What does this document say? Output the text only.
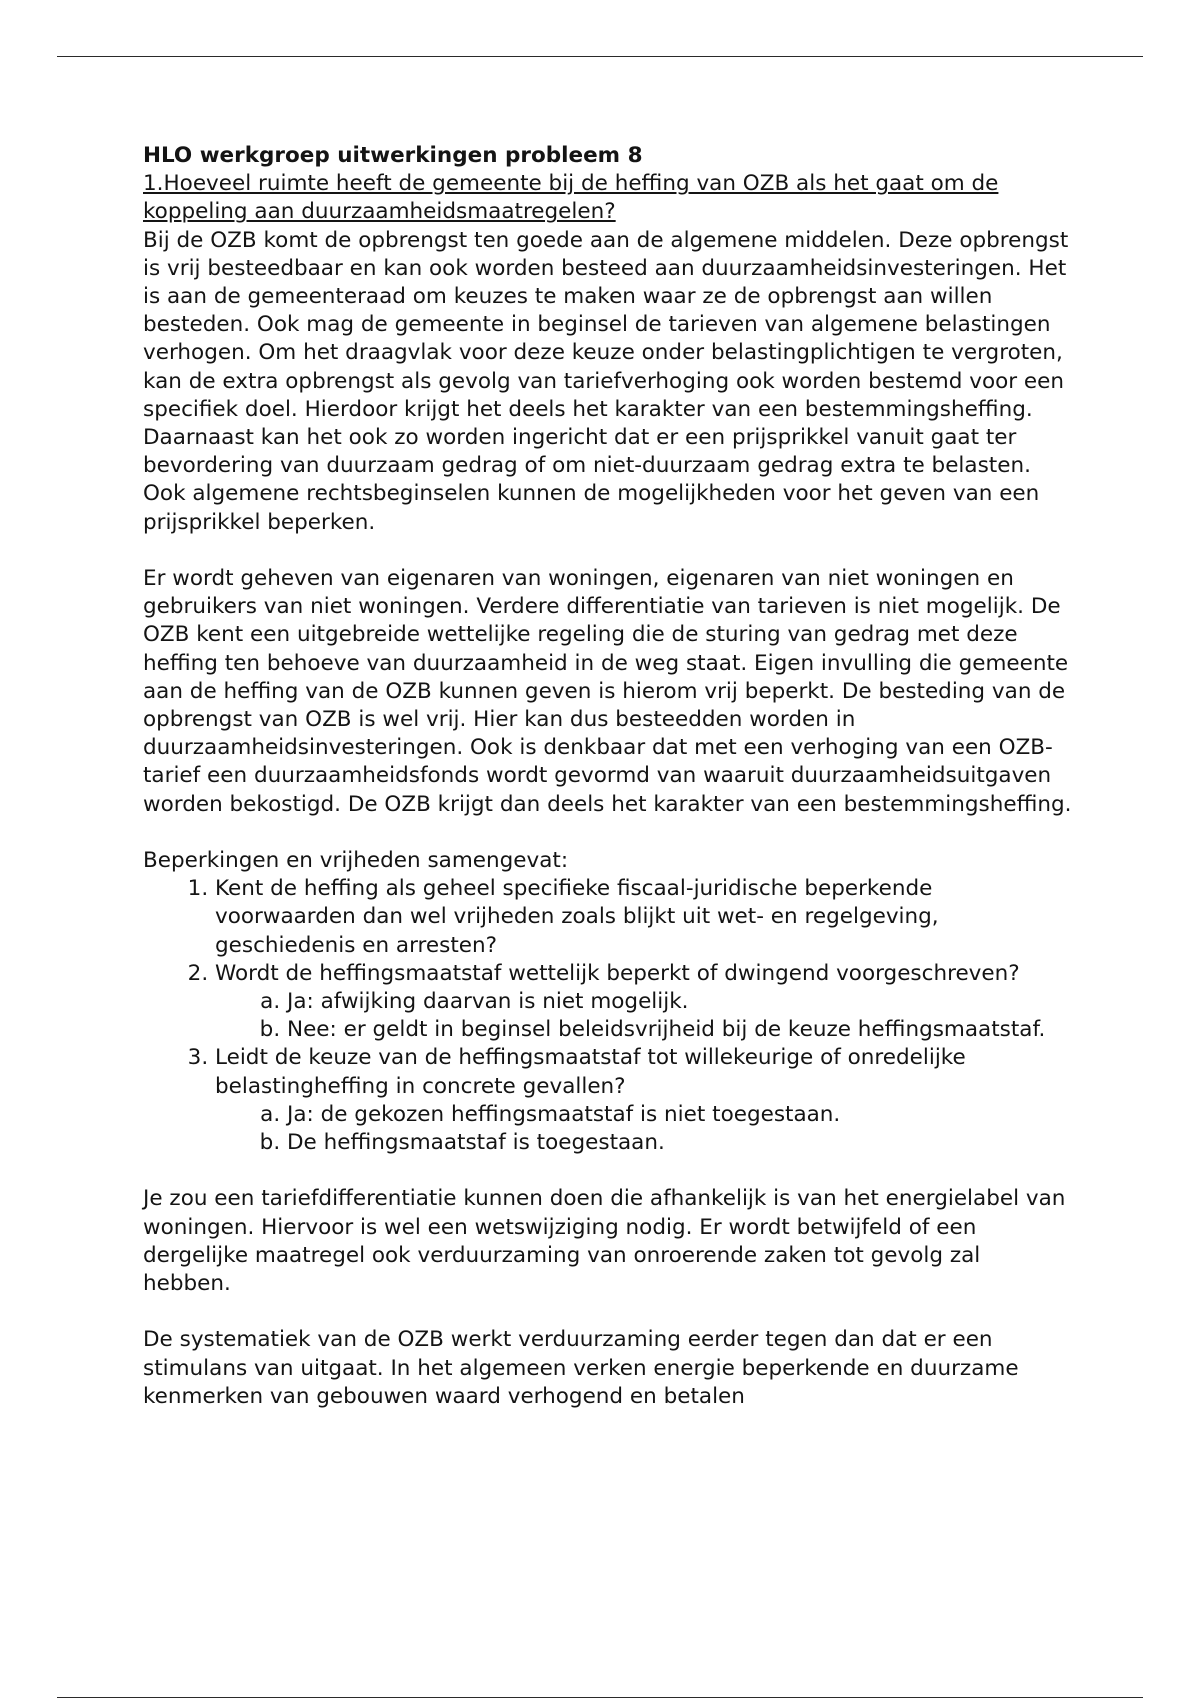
HLO werkgroep uitwerkingen probleem 8

1.Hoeveel ruimte heeft de gemeente bij de heffing van OZB als het gaat om de koppeling aan duurzaamheidsmaatregelen?

Bij de OZB komt de opbrengst ten goede aan de algemene middelen. Deze opbrengst is vrij besteedbaar en kan ook worden besteed aan duurzaamheidsinvesteringen. Het is aan de gemeenteraad om keuzes te maken waar ze de opbrengst aan willen besteden. Ook mag de gemeente in beginsel de tarieven van algemene belastingen verhogen. Om het draagvlak voor deze keuze onder belastingplichtigen te vergroten, kan de extra opbrengst als gevolg van tariefverhoging ook worden bestemd voor een specifiek doel. Hierdoor krijgt het deels het karakter van een bestemmingsheffing. Daarnaast kan het ook zo worden ingericht dat er een prijsprikkel vanuit gaat ter bevordering van duurzaam gedrag of om niet-duurzaam gedrag extra te belasten. Ook algemene rechtsbeginselen kunnen de mogelijkheden voor het geven van een prijsprikkel beperken.

Er wordt geheven van eigenaren van woningen, eigenaren van niet woningen en gebruikers van niet woningen. Verdere differentiatie van tarieven is niet mogelijk. De OZB kent een uitgebreide wettelijke regeling die de sturing van gedrag met deze heffing ten behoeve van duurzaamheid in de weg staat. Eigen invulling die gemeente aan de heffing van de OZB kunnen geven is hierom vrij beperkt. De besteding van de opbrengst van OZB is wel vrij. Hier kan dus besteedden worden in duurzaamheidsinvesteringen. Ook is denkbaar dat met een verhoging van een OZB-tarief een duurzaamheidsfonds wordt gevormd van waaruit duurzaamheidsuitgaven worden bekostigd. De OZB krijgt dan deels het karakter van een bestemmingsheffing.

Beperkingen en vrijheden samengevat:

1. Kent de heffing als geheel specifieke fiscaal-juridische beperkende voorwaarden dan wel vrijheden zoals blijkt uit wet- en regelgeving, geschiedenis en arresten?
2. Wordt de heffingsmaatstaf wettelijk beperkt of dwingend voorgeschreven?
a. Ja: afwijking daarvan is niet mogelijk.
b. Nee: er geldt in beginsel beleidsvrijheid bij de keuze heffingsmaatstaf.
3. Leidt de keuze van de heffingsmaatstaf tot willekeurige of onredelijke belastingheffing in concrete gevallen?
a. Ja: de gekozen heffingsmaatstaf is niet toegestaan.
b. De heffingsmaatstaf is toegestaan.

Je zou een tariefdifferentiatie kunnen doen die afhankelijk is van het energielabel van woningen. Hiervoor is wel een wetswijziging nodig. Er wordt betwijfeld of een dergelijke maatregel ook verduurzaming van onroerende zaken tot gevolg zal hebben.

De systematiek van de OZB werkt verduurzaming eerder tegen dan dat er een stimulans van uitgaat. In het algemeen verken energie beperkende en duurzame kenmerken van gebouwen waard verhogend en betalen
